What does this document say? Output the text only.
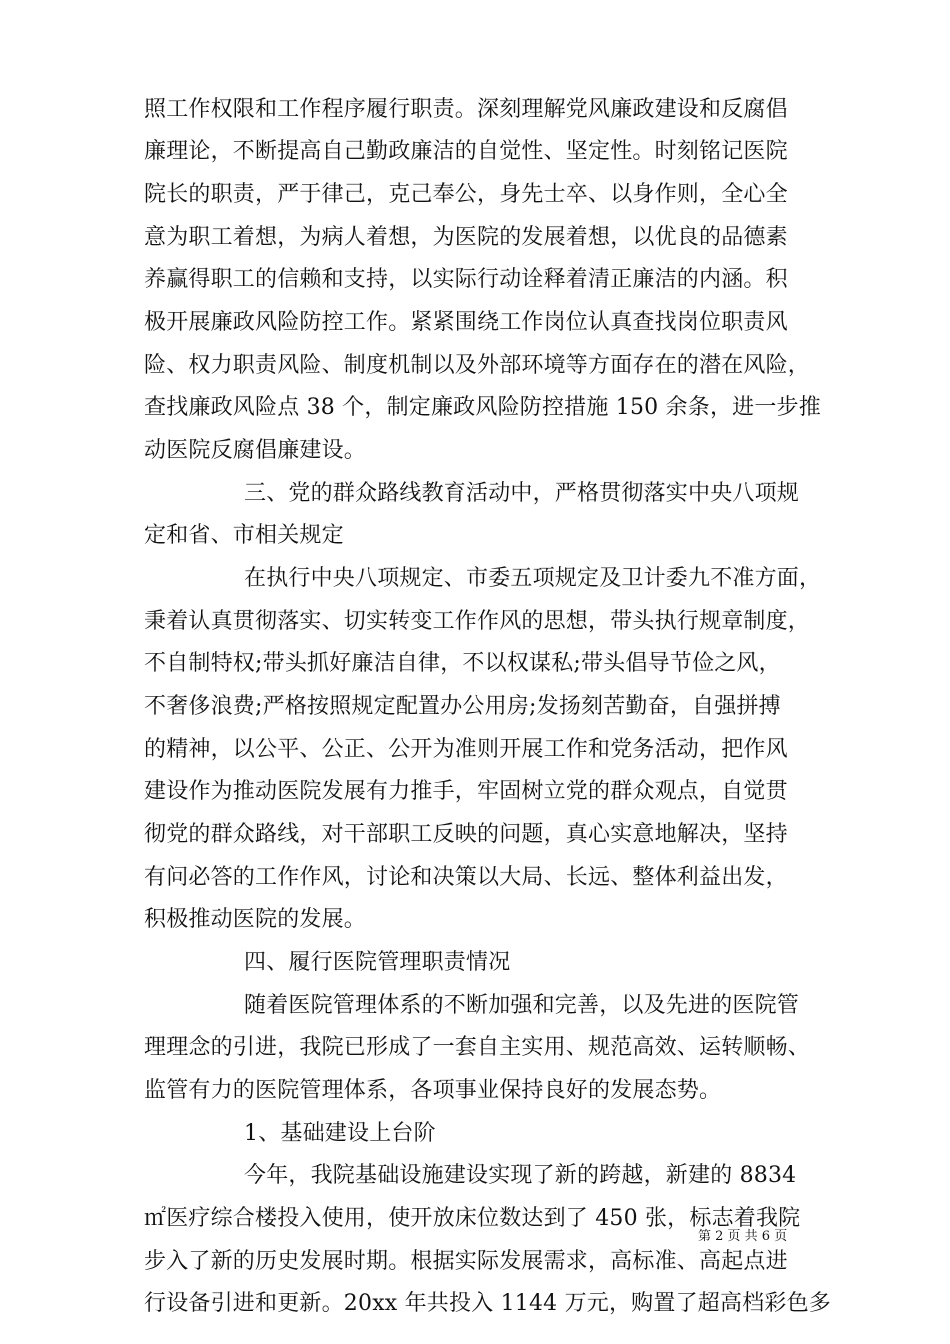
照工作权限和工作程序履行职责。深刻理解党风廉政建设和反腐倡
廉理论，不断提高自己勤政廉洁的自觉性、坚定性。时刻铭记医院
院长的职责，严于律己，克己奉公，身先士卒、以身作则，全心全
意为职工着想，为病人着想，为医院的发展着想，以优良的品德素
养赢得职工的信赖和支持，以实际行动诠释着清正廉洁的内涵。积
极开展廉政风险防控工作。紧紧围绕工作岗位认真查找岗位职责风
险、权力职责风险、制度机制以及外部环境等方面存在的潜在风险，
查找廉政风险点 38 个，制定廉政风险防控措施 150 余条，进一步推
动医院反腐倡廉建设。
三、党的群众路线教育活动中，严格贯彻落实中央八项规
定和省、市相关规定
在执行中央八项规定、市委五项规定及卫计委九不准方面，
秉着认真贯彻落实、切实转变工作作风的思想，带头执行规章制度，
不自制特权;带头抓好廉洁自律，不以权谋私;带头倡导节俭之风，
不奢侈浪费;严格按照规定配置办公用房;发扬刻苦勤奋，自强拼搏
的精神，以公平、公正、公开为准则开展工作和党务活动，把作风
建设作为推动医院发展有力推手，牢固树立党的群众观点，自觉贯
彻党的群众路线，对干部职工反映的问题，真心实意地解决，坚持
有问必答的工作作风，讨论和决策以大局、长远、整体利益出发，
积极推动医院的发展。
四、履行医院管理职责情况
随着医院管理体系的不断加强和完善，以及先进的医院管
理理念的引进，我院已形成了一套自主实用、规范高效、运转顺畅、
监管有力的医院管理体系，各项事业保持良好的发展态势。
1、基础建设上台阶
今年，我院基础设施建设实现了新的跨越，新建的 8834
㎡医疗综合楼投入使用，使开放床位数达到了 450 张，标志着我院
步入了新的历史发展时期。根据实际发展需求，高标准、高起点进
行设备引进和更新。20xx 年共投入 1144 万元，购置了超高档彩色多
第 2 页 共 6 页
